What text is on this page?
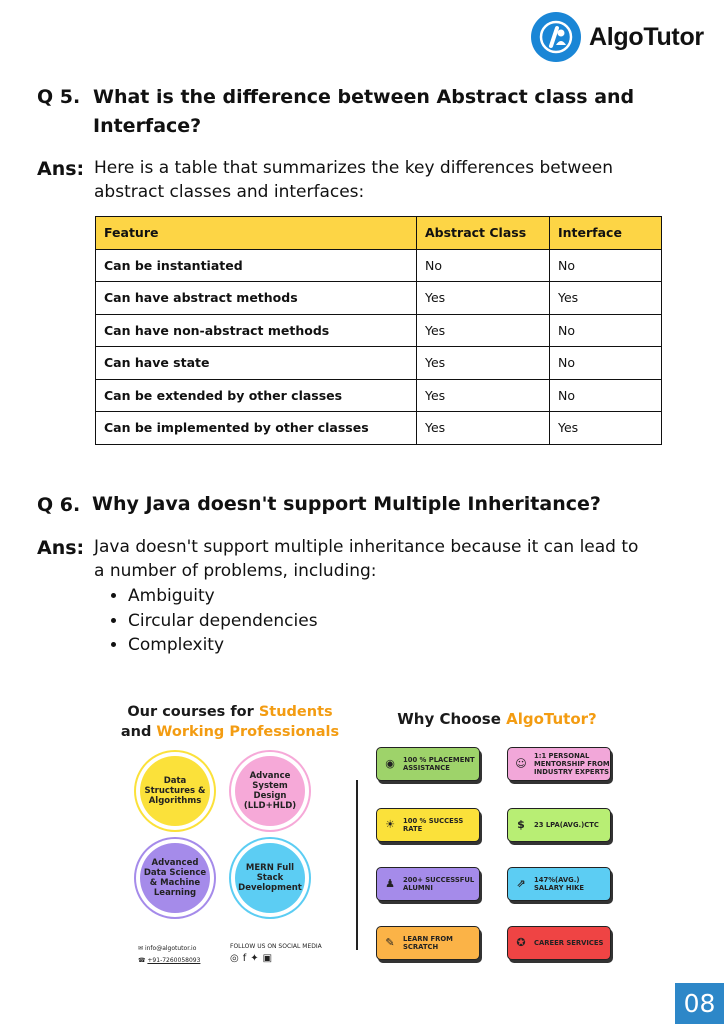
AlgoTutor
Q 5. What is the difference between Abstract class and
Interface?
Ans: Here is a table that summarizes the key differences between
abstract classes and interfaces:
Feature	Abstract Class	Interface
Can be instantiated	No	No
Can have abstract methods	Yes	Yes
Can have non-abstract methods	Yes	No
Can have state	Yes	No
Can be extended by other classes	Yes	No
Can be implemented by other classes	Yes	Yes
Q 6. Why Java doesn't support Multiple Inheritance?
Ans: Java doesn't support multiple inheritance because it can lead to
a number of problems, including:
• Ambiguity
• Circular dependencies
• Complexity
Our courses for Students
and Working Professionals
Data Structures & Algorithms
Advance System Design (LLD+HLD)
Advanced Data Science & Machine Learning
MERN Full Stack Development
✉ info@algotutor.io
☎ +91-7260058093
FOLLOW US ON SOCIAL MEDIA
◎f✦▣
Why Choose AlgoTutor?
◉	100 % PLACEMENT ASSISTANCE	☺
1:1 PERSONAL MENTORSHIP FROM INDUSTRY EXPERTS
☀	100 % SUCCESS RATE	$	23 LPA(AVG.)CTC
♟	200+ SUCCESSFUL ALUMNI	⇗	147%(AVG.) SALARY HIKE
✎	LEARN FROM SCRATCH	✪	CAREER SERVICES
08
